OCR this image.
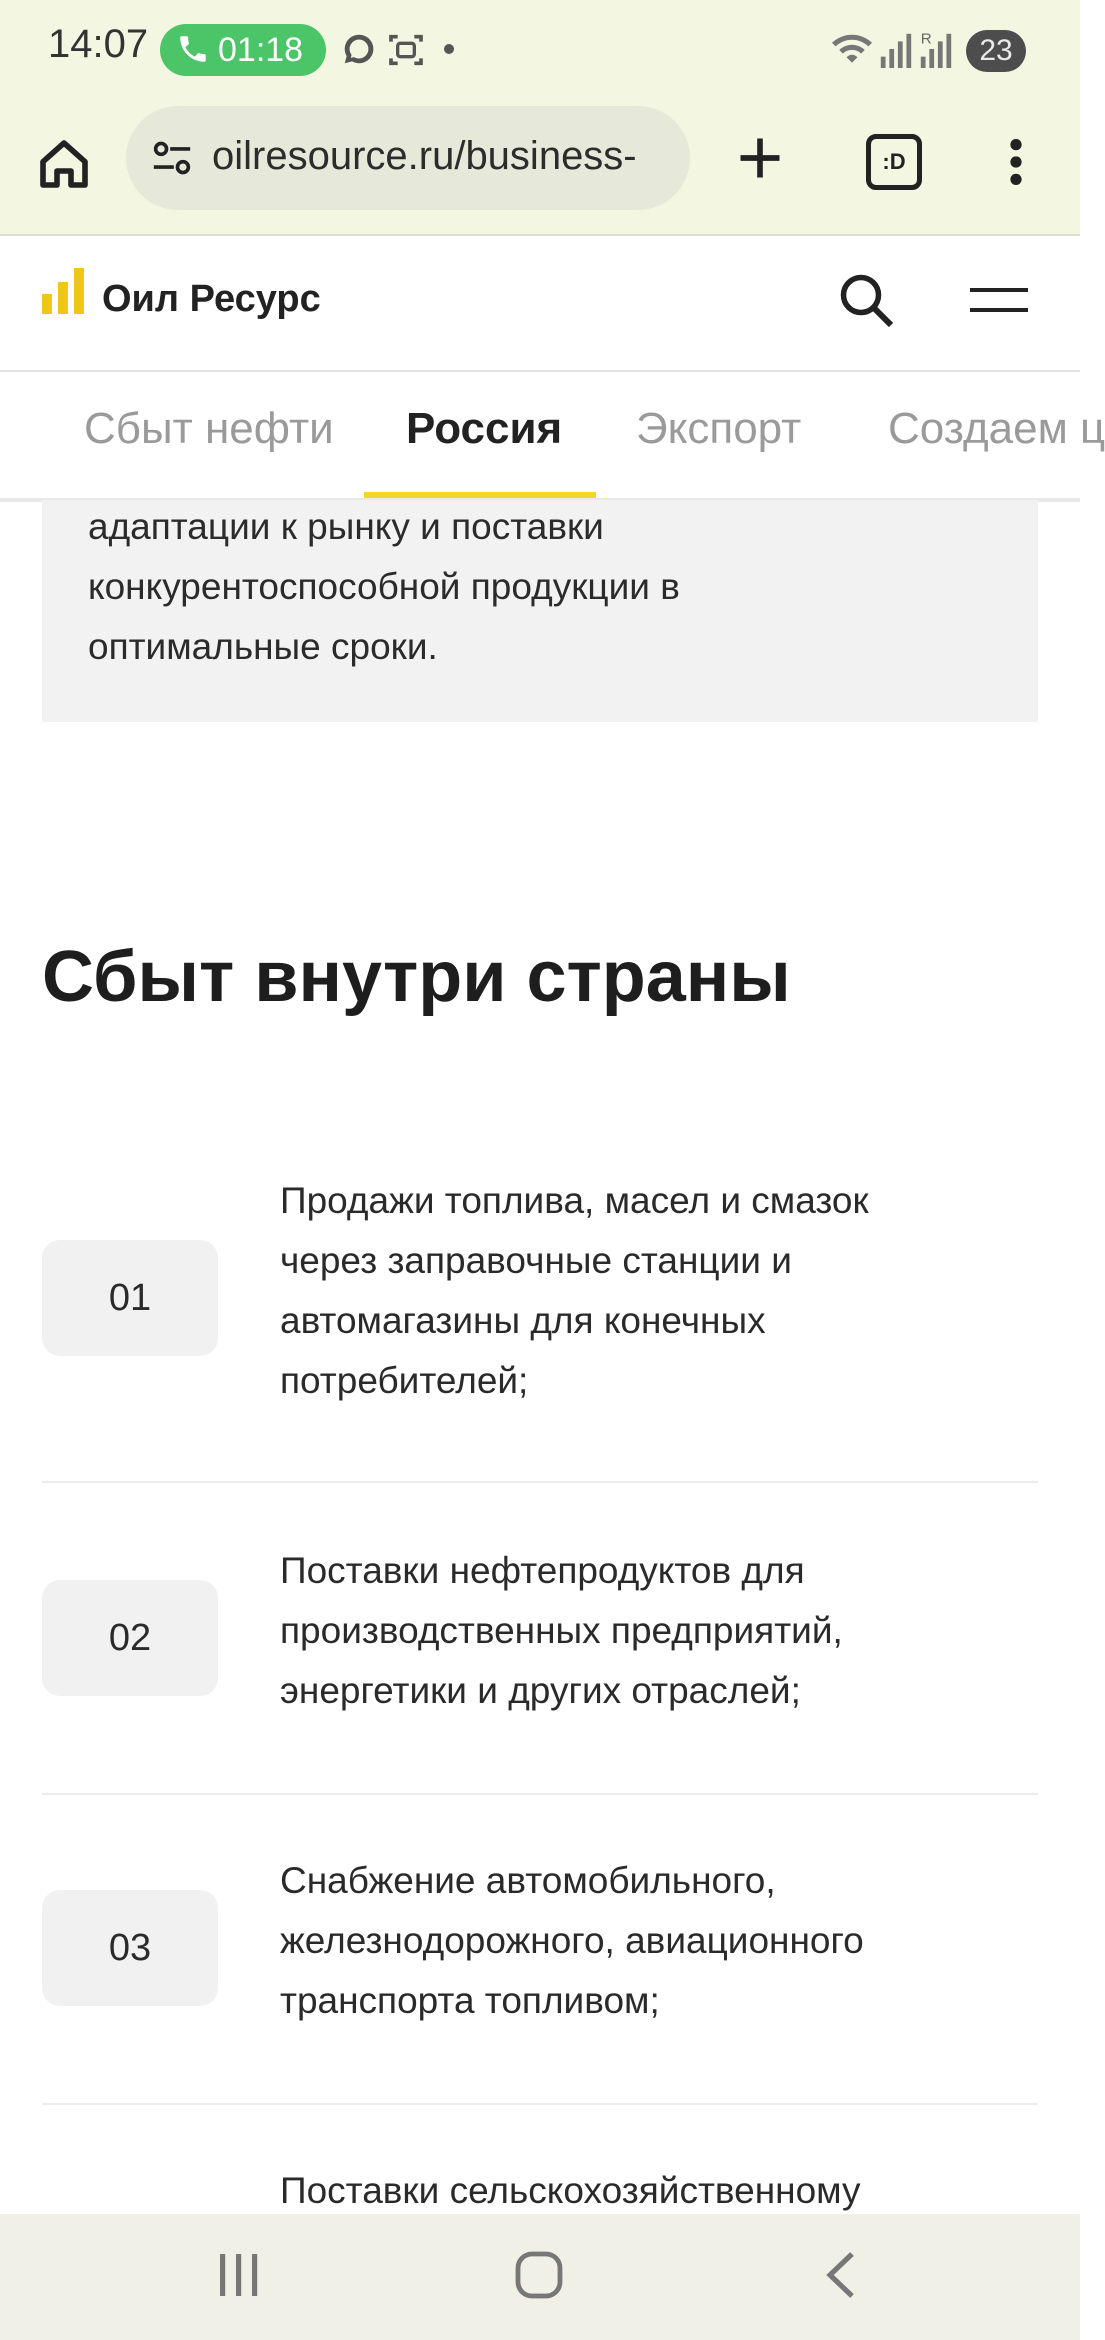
14:07 01:18	R	23
oilresource.ru/business-	:D
Оил Ресурс
Сбыт нефти Россия Экспорт Создаем ц
адаптации к рынку и поставки
конкурентоспособной продукции в
оптимальные сроки.
Сбыт внутри страны
01
Продажи топлива, масел и смазок
через заправочные станции и
автомагазины для конечных
потребителей;
02
Поставки нефтепродуктов для
производственных предприятий,
энергетики и других отраслей;
03
Снабжение автомобильного,
железнодорожного, авиационного
транспорта топливом;
Поставки сельскохозяйственному
